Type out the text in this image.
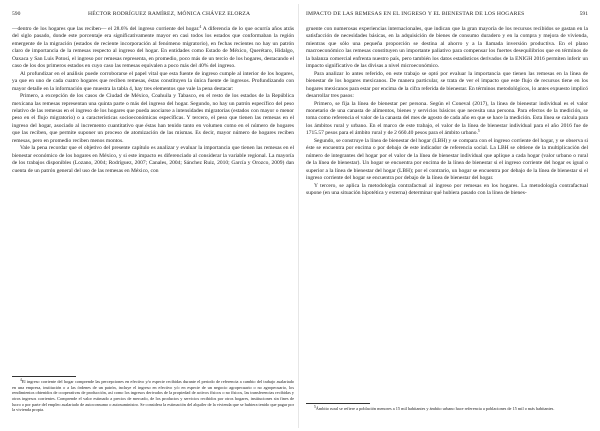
590	HÉCTOR RODRÍGUEZ RAMÍREZ, MÓNICA CHÁVEZ ELORZA

—dentro de los hogares que las reciben— el 28.6% del ingreso corriente del hogar.$^4$ A diferencia de lo que ocurría años atrás del siglo pasado, donde este porcentaje era significativamente mayor en casi todos los estados que conformaban la región emergente de la migración (estados de reciente incorporación al fenómeno migratorio), en fechas recientes no hay un patrón claro de importancia de la remesas respecto al ingreso del hogar. En entidades como Estado de México, Querétaro, Hidalgo, Oaxaca y San Luis Potosí, el ingreso por remesas representa, en promedio, poco más de un tercio de los hogares, destacando el caso de los dos primeros estados en cuyo caso las remesas equivalen a poco más del 40% del ingreso.

Al profundizar en el análisis puede corroborarse el papel vital que esta fuente de ingreso cumple al interior de los hogares, ya que en uno de cada cuatro hogares que reciben remesas, éstas constituyen la única fuente de ingresos. Profundizando con mayor detalle en la información que muestra la tabla 4, hay tres elementos que vale la pena destacar:

Primero, a excepción de los casos de Ciudad de México, Coahuila y Tabasco, en el resto de los estados de la República mexicana las remesas representan una quinta parte o más del ingreso del hogar. Segundo, no hay un patrón específico del peso relativo de las remesas en el ingreso de los hogares que pueda asociarse a intensidades migratorias (estados con mayor o menor peso en el flujo migratorio) o a características socioeconómicas específicas. Y tercero, el peso que tienen las remesas en el ingreso del hogar, asociado al incremento cuantitativo que éstas han tenido tanto en volumen como en el número de hogares que las reciben, que permite suponer un proceso de atomización de las mismas. Es decir, mayor número de hogares reciben remesas, pero en promedio reciben menos montos.

Vale la pena recordar que el objetivo del presente capítulo es analizar y evaluar la importancia que tienen las remesas en el bienestar económico de los hogares en México, y si este impacto es diferenciado al considerar la variable regional. La mayoría de los trabajos disponibles (Lozano, 2004; Rodríguez, 2007; Canales, 2004; Sánchez Ruiz, 2010; García y Orozco, 2009) dan cuenta de un patrón general del uso de las remesas en México, con

$^4$El ingreso corriente del hogar comprende las percepciones en efectivo y/o especie recibidas durante el periodo de referencia a cambio del trabajo asalariado en una empresa, institución o a las órdenes de un patrón, incluye el ingreso en efectivo y/o en especie de un negocio agropecuario o no agropecuario, los rendimientos obtenidos de cooperativas de producción, así como los ingresos derivados de la propiedad de activos físicos o no físicos, las transferencias recibidas y otros ingresos corrientes. Comprende el valor estimado a precios de mercado, de los productos y servicios recibidos por otros hogares, instituciones sin fines de lucro o por parte del empleo asalariado de autoconsumo o autosuministro. Se considera la estimación del alquiler de la vivienda que se hubiera tenido que pagar por la vivienda propia.
IMPACTO DE LAS REMESAS EN EL INGRESO Y EL BIENESTAR DE LOS HOGARES	591

gruente con numerosas experiencias internacionales, que indican que la gran mayoría de los recursos recibidos se gastan en la satisfacción de necesidades básicas, en la adquisición de bienes de consumo duradero y en la compra y mejora de vivienda, mientras que sólo una pequeña proporción se destina al ahorro y a la llamada inversión productiva. En el plano macroeconómico las remesas constituyen un importante paliativo para compensar los fuertes desequilibrios que en términos de la balanza comercial enfrenta nuestro país, pero también los datos estadísticos derivados de la ENIGH 2016 permiten inferir un impacto significativo de las divisas a nivel microeconómico.

Para analizar lo antes referido, en este trabajo se optó por evaluar la importancia que tienen las remesas en la línea de bienestar de los hogares mexicanos. De manera particular, se trata de ver el impacto que este flujo de recursos tiene en los hogares mexicanos para estar por encima de la cifra referida de bienestar. En términos metodológicos, lo antes expuesto implicó desarrollar tres pasos:

Primero, se fija la línea de bienestar per persona. Según el Coneval (2017), la línea de bienestar individual es el valor monetario de una canasta de alimentos, bienes y servicios básicos que necesita una persona. Para efectos de la medición, se toma como referencia el valor de la canasta del mes de agosto de cada año en que se hace la medición. Esta línea se calcula para los ámbitos rural y urbano. En el marco de este trabajo, el valor de la línea de bienestar individual para el año 2016 fue de 1715.57 pesos para el ámbito rural y de 2 660.40 pesos para el ámbito urbano.$^5$

Segundo, se construye la línea de bienestar del hogar (LBH) y se compara con el ingreso corriente del hogar, y se observa si éste se encuentra por encima o por debajo de este indicador de referencia social. La LBH se obtiene de la multiplicación del número de integrantes del hogar por el valor de la línea de bienestar individual que aplique a cada hogar (valor urbano o rural de la línea de bienestar). Un hogar se encuentra por encima de la línea de bienestar si el ingreso corriente del hogar es igual o superior a la línea de bienestar del hogar (LBH); por el contrario, un hogar se encuentra por debajo de la línea de bienestar si el ingreso corriente del hogar se encuentra por debajo de la línea de bienestar del hogar.

Y tercero, se aplica la metodología contrafactual al ingreso por remesas en los hogares. La metodología contrafactual supone (en una situación hipotética y externa) determinar qué hubiera pasado con la línea de bienes-

$^5$Ámbito rural se refiere a población menores a 15 mil habitantes y ámbito urbano hace referencia a poblaciones de 15 mil o más habitantes.
